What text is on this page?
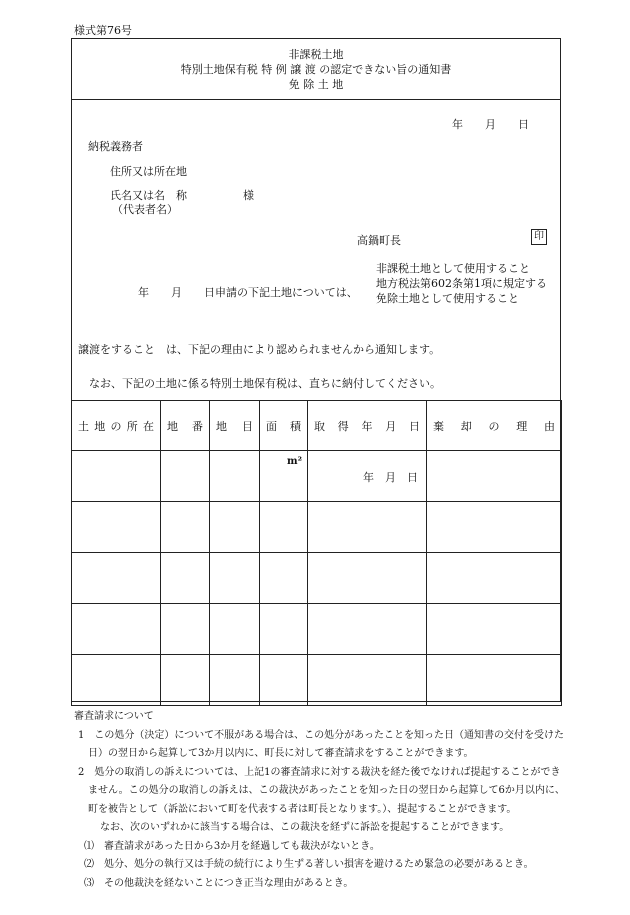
様式第76号
非課税土地
特別土地保有税 特 例 譲 渡 の認定できない旨の通知書
免 除 土 地
年　　月　　日
納税義務者
住所又は所在地
氏名又は名　称	様
（代表者名）
高鍋町長	印
年　　月　　日申請の下記土地については、
非課税土地として使用すること
地方税法第602条第1項に規定する
免除土地として使用すること
譲渡をすること　は、下記の理由により認められませんから通知します。
なお、下記の土地に係る特別土地保有税は、直ちに納付してください。
土 地 の 所 在	地 番	地 目	面 積	取 得 年 月 日	棄 却 の 理 由

			m²	年　月　日	

審査請求について
1　この処分（決定）について不服がある場合は、この処分があったことを知った日（通知書の交付を受けた
日）の翌日から起算して3か月以内に、町長に対して審査請求をすることができます。
2　処分の取消しの訴えについては、上記1の審査請求に対する裁決を経た後でなければ提起することができ
ません。この処分の取消しの訴えは、この裁決があったことを知った日の翌日から起算して6か月以内に、
町を被告として（訴訟において町を代表する者は町長となります。）、提起することができます。
なお、次のいずれかに該当する場合は、この裁決を経ずに訴訟を提起することができます。
⑴　審査請求があった日から3か月を経過しても裁決がないとき。
⑵　処分、処分の執行又は手続の続行により生ずる著しい損害を避けるため緊急の必要があるとき。
⑶　その他裁決を経ないことにつき正当な理由があるとき。
